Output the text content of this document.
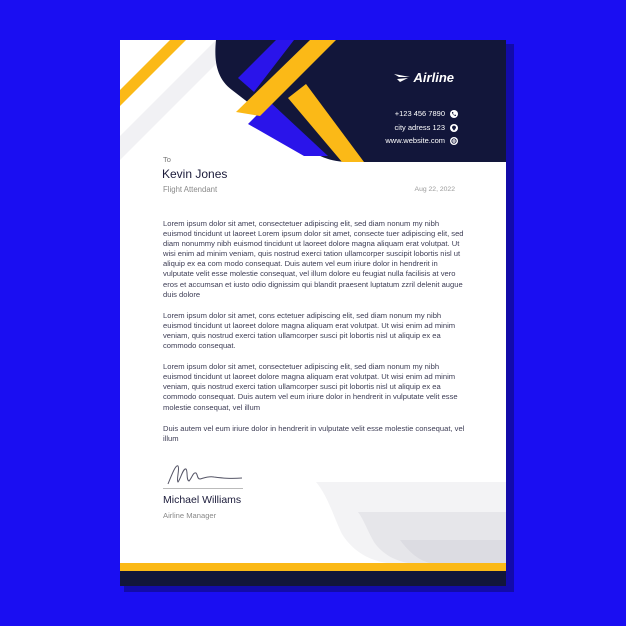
Airline
+123 456 7890
city adress 123
www.website.com
To
Kevin Jones
Flight Attendant	Aug 22, 2022

Lorem ipsum dolor sit amet, consectetuer adipiscing elit, sed diam nonum my nibh euismod tincidunt ut laoreet Lorem ipsum dolor sit amet, consecte tuer adipiscing elit, sed diam nonummy nibh euismod tincidunt ut laoreet dolore magna aliquam erat volutpat. Ut wisi enim ad minim veniam, quis nostrud exerci tation ullamcorper suscipit lobortis nisl ut aliquip ex ea com modo consequat. Duis autem vel eum iriure dolor in hendrerit in vulputate velit esse molestie consequat, vel illum dolore eu feugiat nulla facilisis at vero eros et accumsan et iusto odio dignissim qui blandit praesent luptatum zzril delenit augue duis dolore

Lorem ipsum dolor sit amet, cons ectetuer adipiscing elit, sed diam nonum my nibh euismod tincidunt ut laoreet dolore magna aliquam erat volutpat. Ut wisi enim ad minim veniam, quis nostrud exerci tation ullamcorper susci pit lobortis nisl ut aliquip ex ea commodo consequat.

Lorem ipsum dolor sit amet, consectetuer adipiscing elit, sed diam nonum my nibh euismod tincidunt ut laoreet dolore magna aliquam erat volutpat. Ut wisi enim ad minim veniam, quis nostrud exerci tation ullamcorper susci pit lobortis nisl ut aliquip ex ea commodo consequat. Duis autem vel eum iriure dolor in hendrerit in vulputate velit esse molestie consequat, vel illum

Duis autem vel eum iriure dolor in hendrerit in vulputate velit esse molestie consequat, vel illum

Michael Williams
Airline Manager
